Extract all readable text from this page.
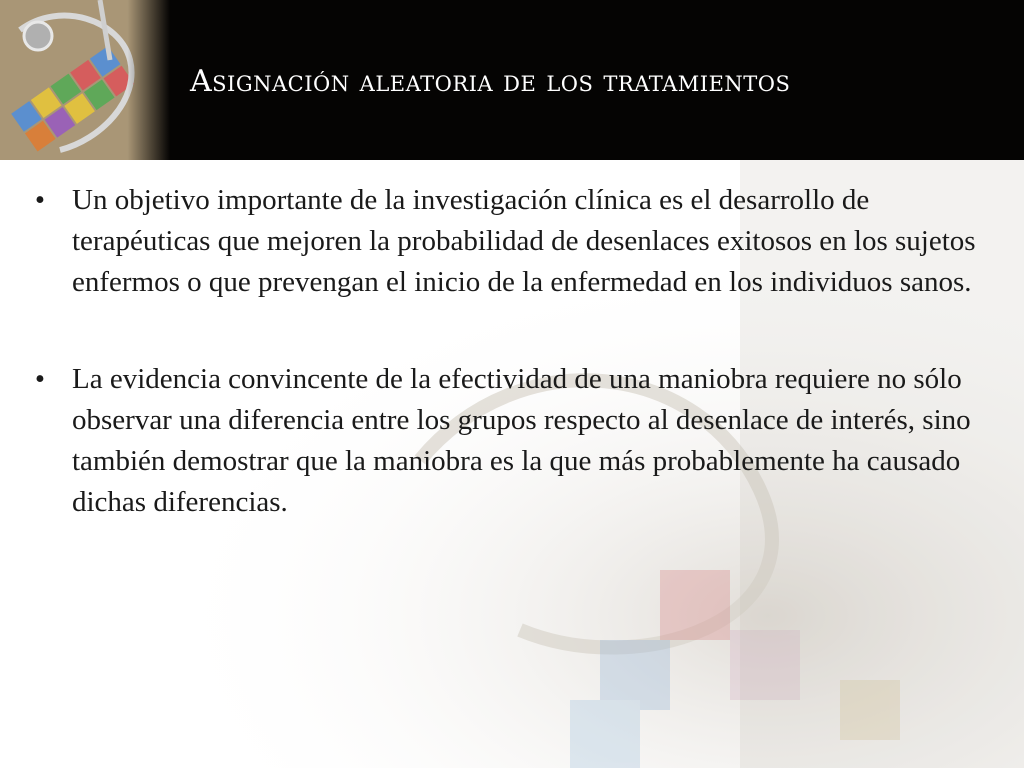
Asignación aleatoria de los tratamientos

• Un objetivo importante de la investigación clínica es el desarrollo de terapéuticas que mejoren la probabilidad de desenlaces exitosos en los sujetos enfermos o que prevengan el inicio de la enfermedad en los individuos sanos.

• La evidencia convincente de la efectividad de una maniobra requiere no sólo observar una diferencia entre los grupos respecto al desenlace de interés, sino también demostrar que la maniobra es la que más probablemente ha causado dichas diferencias.
